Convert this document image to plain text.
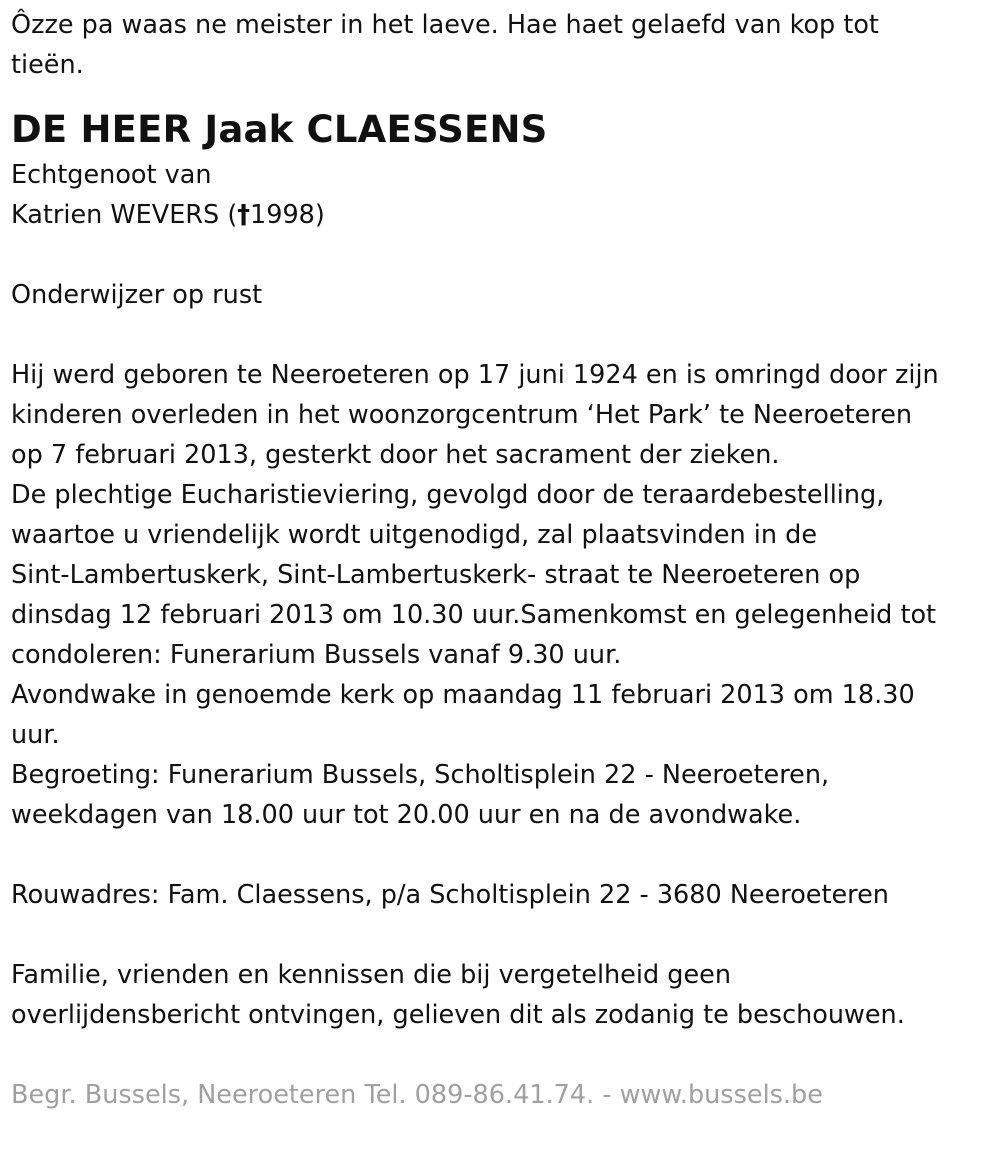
Ôzze pa waas ne meister in het laeve. Hae haet gelaefd van kop tot

tieën.

DE HEER Jaak CLAESSENS

Echtgenoot van

Katrien WEVERS (†1998)

Onderwijzer op rust

Hij werd geboren te Neeroeteren op 17 juni 1924 en is omringd door zijn

kinderen overleden in het woonzorgcentrum ‘Het Park’ te Neeroeteren

op 7 februari 2013, gesterkt door het sacrament der zieken.

De plechtige Eucharistieviering, gevolgd door de teraardebestelling,

waartoe u vriendelijk wordt uitgenodigd, zal plaatsvinden in de

Sint-Lambertuskerk, Sint-Lambertuskerk- straat te Neeroeteren op

dinsdag 12 februari 2013 om 10.30 uur.Samenkomst en gelegenheid tot

condoleren: Funerarium Bussels vanaf 9.30 uur.

Avondwake in genoemde kerk op maandag 11 februari 2013 om 18.30

uur.

Begroeting: Funerarium Bussels, Scholtisplein 22 - Neeroeteren,

weekdagen van 18.00 uur tot 20.00 uur en na de avondwake.

Rouwadres: Fam. Claessens, p/a Scholtisplein 22 - 3680 Neeroeteren

Familie, vrienden en kennissen die bij vergetelheid geen

overlijdensbericht ontvingen, gelieven dit als zodanig te beschouwen.

Begr. Bussels, Neeroeteren Tel. 089-86.41.74. - www.bussels.be
